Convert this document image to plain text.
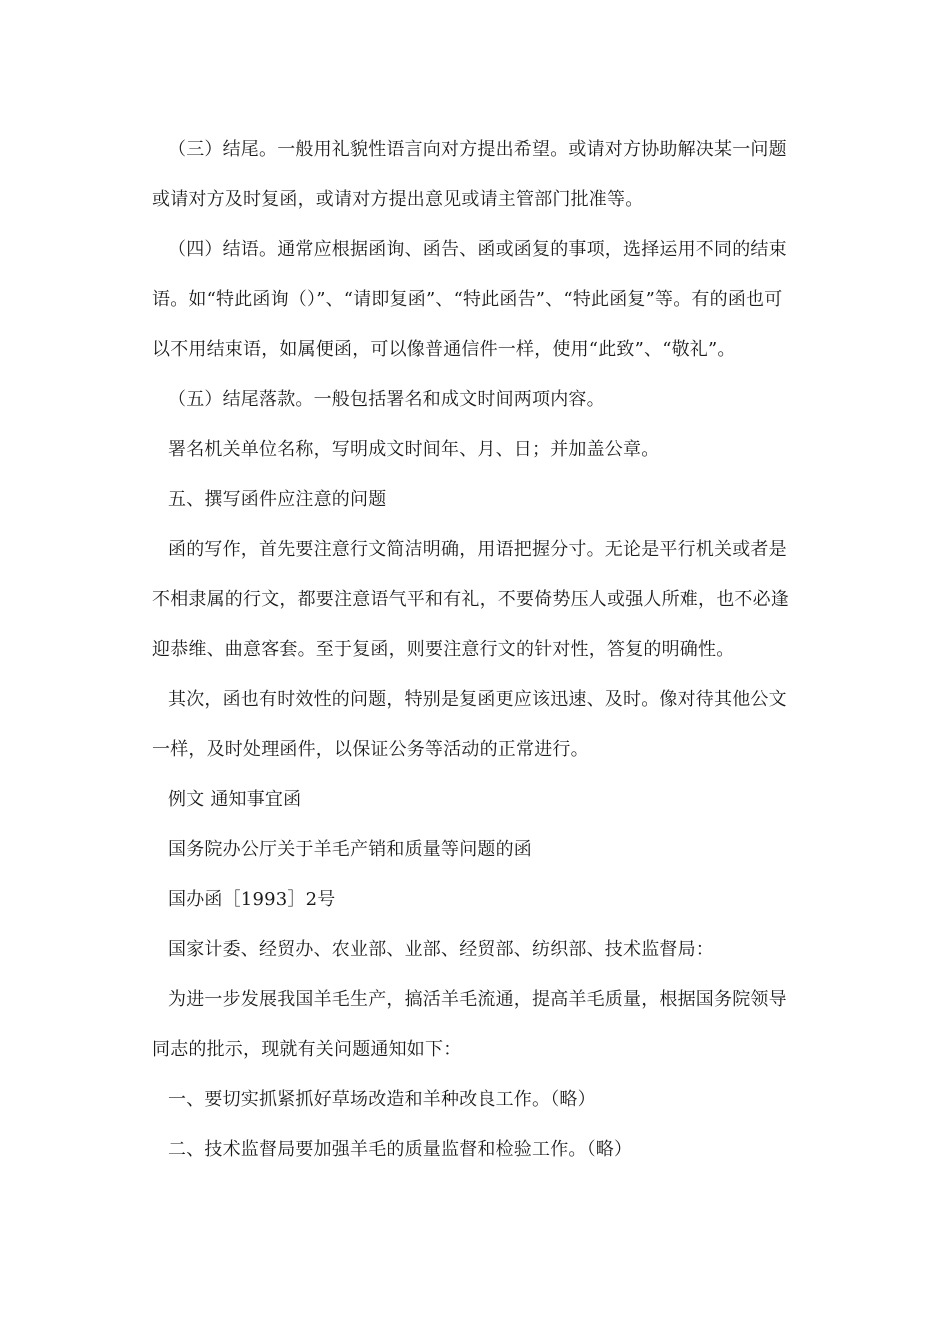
（三）结尾。一般用礼貌性语言向对方提出希望。或请对方协助解决某一问题或请对方及时复函，或请对方提出意见或请主管部门批准等。

（四）结语。通常应根据函询、函告、函或函复的事项，选择运用不同的结束语。如“特此函询（）”、“请即复函”、“特此函告”、“特此函复”等。有的函也可以不用结束语，如属便函，可以像普通信件一样，使用“此致”、“敬礼”。

（五）结尾落款。一般包括署名和成文时间两项内容。

署名机关单位名称，写明成文时间年、月、日；并加盖公章。

五、撰写函件应注意的问题

函的写作，首先要注意行文简洁明确，用语把握分寸。无论是平行机关或者是不相隶属的行文，都要注意语气平和有礼，不要倚势压人或强人所难，也不必逢迎恭维、曲意客套。至于复函，则要注意行文的针对性，答复的明确性。

其次，函也有时效性的问题，特别是复函更应该迅速、及时。像对待其他公文一样，及时处理函件，以保证公务等活动的正常进行。

例文 通知事宜函

国务院办公厅关于羊毛产销和质量等问题的函

国办函［1993］2号

国家计委、经贸办、农业部、业部、经贸部、纺织部、技术监督局：

为进一步发展我国羊毛生产，搞活羊毛流通，提高羊毛质量，根据国务院领导同志的批示，现就有关问题通知如下：

一、要切实抓紧抓好草场改造和羊种改良工作。（略）

二、技术监督局要加强羊毛的质量监督和检验工作。（略）
